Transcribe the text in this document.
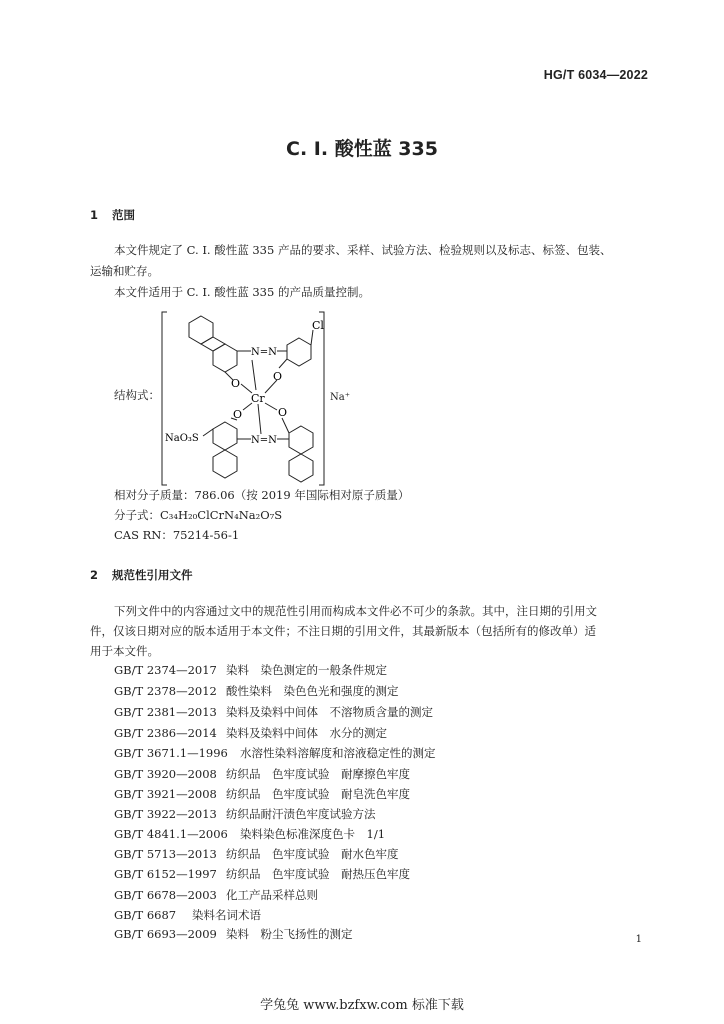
HG/T 6034—2022
C. I. 酸性蓝 335
1 范围
本文件规定了 C. I. 酸性蓝 335 产品的要求、采样、试验方法、检验规则以及标志、标签、包装、
运输和贮存。
本文件适用于 C. I. 酸性蓝 335 的产品质量控制。
结构式：
Cl
N=N
O
O
Cr
O	O
NaO₃S	N=N
Na⁺
相对分子质量：786.06（按 2019 年国际相对原子质量）
分子式：C₃₄H₂₀ClCrN₄Na₂O₇S
CAS RN：75214-56-1
2 规范性引用文件
下列文件中的内容通过文中的规范性引用而构成本文件必不可少的条款。其中，注日期的引用文
件，仅该日期对应的版本适用于本文件；不注日期的引用文件，其最新版本（包括所有的修改单）适
用于本文件。
GB/T 2374—2017 染料　染色测定的一般条件规定
GB/T 2378—2012 酸性染料　染色色光和强度的测定
GB/T 2381—2013 染料及染料中间体　不溶物质含量的测定
GB/T 2386—2014 染料及染料中间体　水分的测定
GB/T 3671.1—1996 水溶性染料溶解度和溶液稳定性的测定
GB/T 3920—2008 纺织品　色牢度试验　耐摩擦色牢度
GB/T 3921—2008 纺织品　色牢度试验　耐皂洗色牢度
GB/T 3922—2013 纺织品耐汗渍色牢度试验方法
GB/T 4841.1—2006 染料染色标准深度色卡　1/1
GB/T 5713—2013 纺织品　色牢度试验　耐水色牢度
GB/T 6152—1997 纺织品　色牢度试验　耐热压色牢度
GB/T 6678—2003 化工产品采样总则
GB/T 6687 染料名词术语
GB/T 6693—2009 染料　粉尘飞扬性的测定	1
学兔兔 www.bzfxw.com 标准下载
